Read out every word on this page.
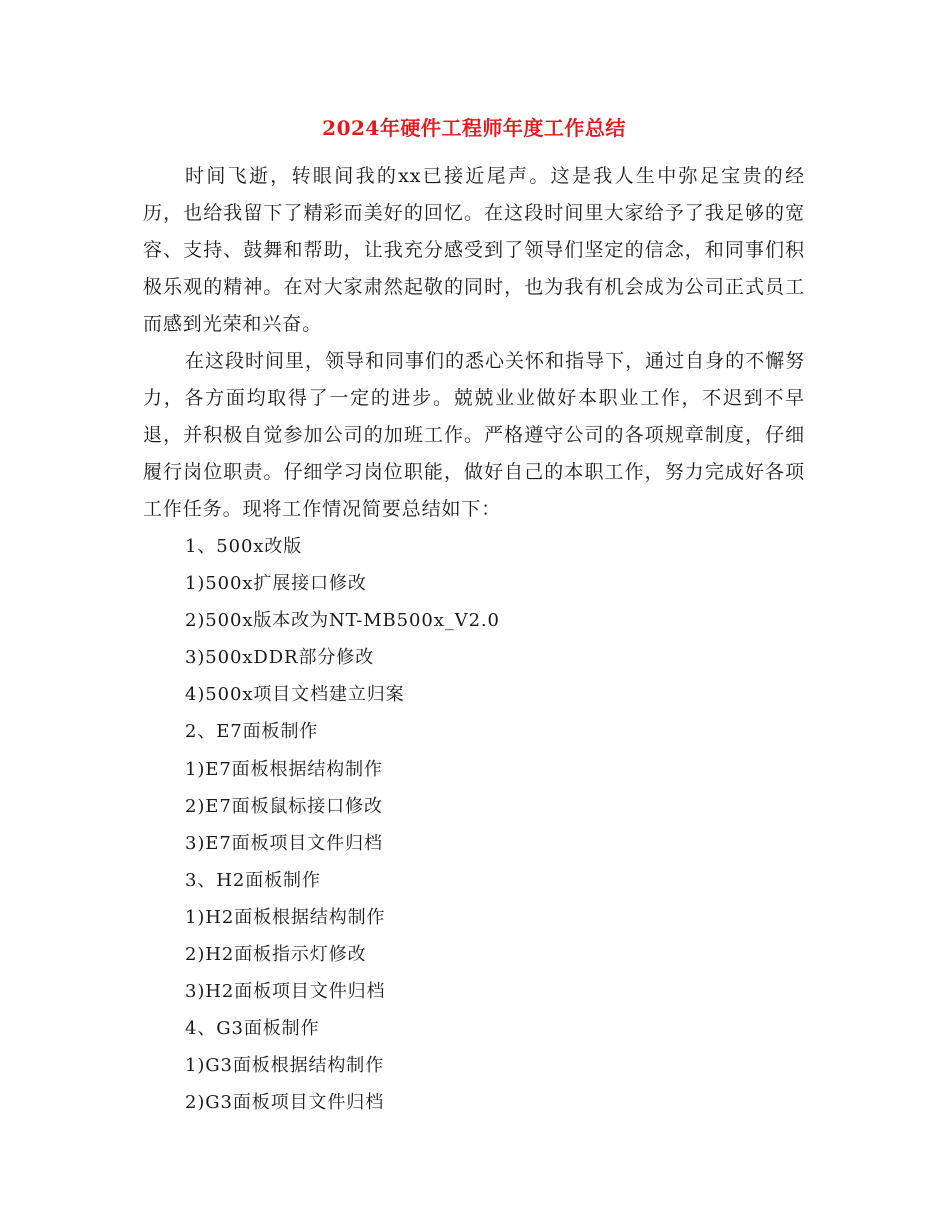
2024年硬件工程师年度工作总结

时间飞逝，转眼间我的xx已接近尾声。这是我人生中弥足宝贵的经历，也给我留下了精彩而美好的回忆。在这段时间里大家给予了我足够的宽容、支持、鼓舞和帮助，让我充分感受到了领导们坚定的信念，和同事们积极乐观的精神。在对大家肃然起敬的同时，也为我有机会成为公司正式员工而感到光荣和兴奋。

在这段时间里，领导和同事们的悉心关怀和指导下，通过自身的不懈努力，各方面均取得了一定的进步。兢兢业业做好本职业工作，不迟到不早退，并积极自觉参加公司的加班工作。严格遵守公司的各项规章制度，仔细履行岗位职责。仔细学习岗位职能，做好自己的本职工作，努力完成好各项工作任务。现将工作情况简要总结如下：

1、500x改版
1)500x扩展接口修改
2)500x版本改为NT-MB500x_V2.0
3)500xDDR部分修改
4)500x项目文档建立归案
2、E7面板制作
1)E7面板根据结构制作
2)E7面板鼠标接口修改
3)E7面板项目文件归档
3、H2面板制作
1)H2面板根据结构制作
2)H2面板指示灯修改
3)H2面板项目文件归档
4、G3面板制作
1)G3面板根据结构制作
2)G3面板项目文件归档
